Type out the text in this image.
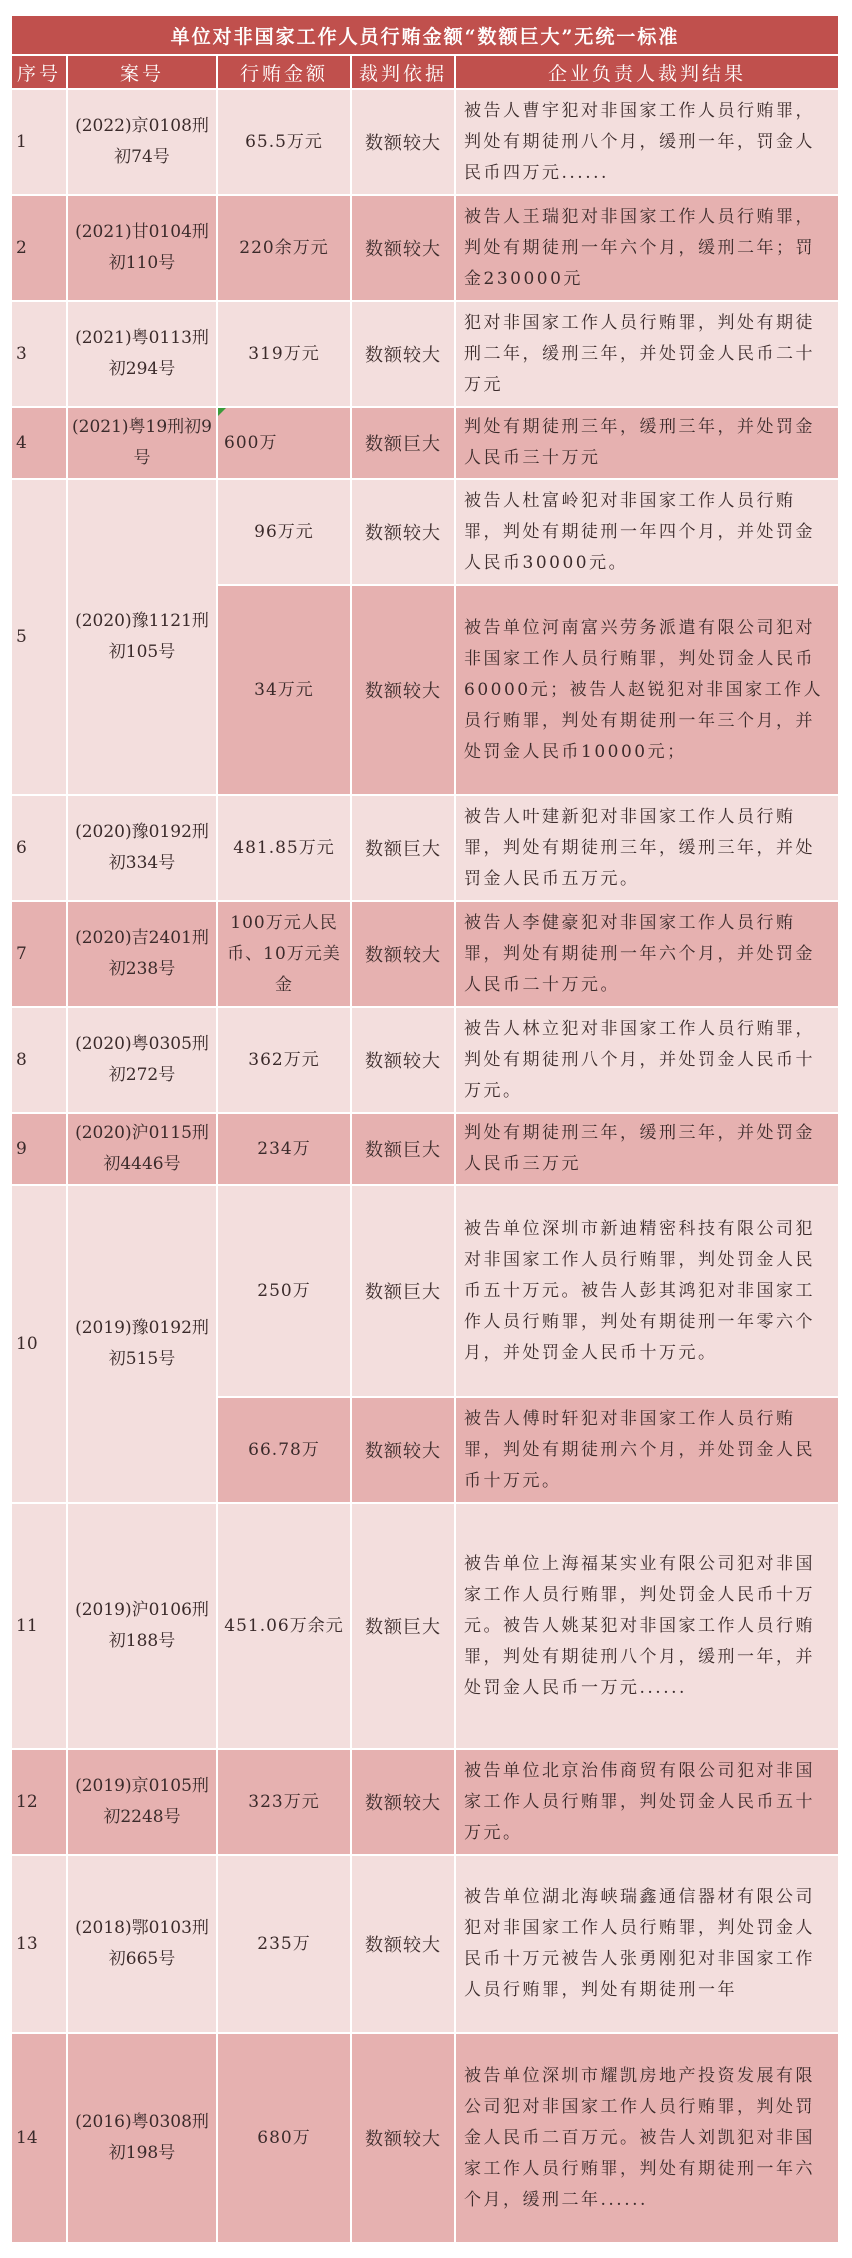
单位对非国家工作人员行贿金额“数额巨大”无统一标准				
序号	案号	行贿金额	裁判依据	企业负责人裁判结果
1	(2022)京0108刑初74号	65.5万元	数额较大	被告人曹宇犯对非国家工作人员行贿罪，判处有期徒刑八个月，缓刑一年，罚金人民币四万元......
2	(2021)甘0104刑初110号	220余万元	数额较大	被告人王瑞犯对非国家工作人员行贿罪，判处有期徒刑一年六个月，缓刑二年；罚金230000元
3	(2021)粤0113刑初294号	319万元	数额较大	犯对非国家工作人员行贿罪，判处有期徒刑二年，缓刑三年，并处罚金人民币二十万元
4	(2021)粤19刑初9号	600万	数额巨大	判处有期徒刑三年，缓刑三年，并处罚金人民币三十万元
5	(2020)豫1121刑初105号	96万元	数额较大	被告人杜富岭犯对非国家工作人员行贿罪，判处有期徒刑一年四个月，并处罚金人民币30000元。
		34万元	数额较大	被告单位河南富兴劳务派遣有限公司犯对非国家工作人员行贿罪，判处罚金人民币60000元；被告人赵锐犯对非国家工作人员行贿罪，判处有期徒刑一年三个月，并处罚金人民币10000元；
6	(2020)豫0192刑初334号	481.85万元	数额巨大	被告人叶建新犯对非国家工作人员行贿罪，判处有期徒刑三年，缓刑三年，并处罚金人民币五万元。
7	(2020)吉2401刑初238号	100万元人民币、10万元美金	数额较大	被告人李健豪犯对非国家工作人员行贿罪，判处有期徒刑一年六个月，并处罚金人民币二十万元。
8	(2020)粤0305刑初272号	362万元	数额较大	被告人林立犯对非国家工作人员行贿罪，判处有期徒刑八个月，并处罚金人民币十万元。
9	(2020)沪0115刑初4446号	234万	数额巨大	判处有期徒刑三年，缓刑三年，并处罚金人民币三万元
10	(2019)豫0192刑初515号	250万	数额巨大	被告单位深圳市新迪精密科技有限公司犯对非国家工作人员行贿罪，判处罚金人民币五十万元。被告人彭其鸿犯对非国家工作人员行贿罪，判处有期徒刑一年零六个月，并处罚金人民币十万元。
		66.78万	数额较大	被告人傅时轩犯对非国家工作人员行贿罪，判处有期徒刑六个月，并处罚金人民币十万元。
11	(2019)沪0106刑初188号	451.06万余元	数额巨大	被告单位上海福某实业有限公司犯对非国家工作人员行贿罪，判处罚金人民币十万元。被告人姚某犯对非国家工作人员行贿罪，判处有期徒刑八个月，缓刑一年，并处罚金人民币一万元......
12	(2019)京0105刑初2248号	323万元	数额较大	被告单位北京治伟商贸有限公司犯对非国家工作人员行贿罪，判处罚金人民币五十万元。
13	(2018)鄂0103刑初665号	235万	数额较大	被告单位湖北海峡瑞鑫通信器材有限公司犯对非国家工作人员行贿罪，判处罚金人民币十万元被告人张勇刚犯对非国家工作人员行贿罪，判处有期徒刑一年
14	(2016)粤0308刑初198号	680万	数额较大	被告单位深圳市耀凯房地产投资发展有限公司犯对非国家工作人员行贿罪，判处罚金人民币二百万元。被告人刘凯犯对非国家工作人员行贿罪，判处有期徒刑一年六个月，缓刑二年......
